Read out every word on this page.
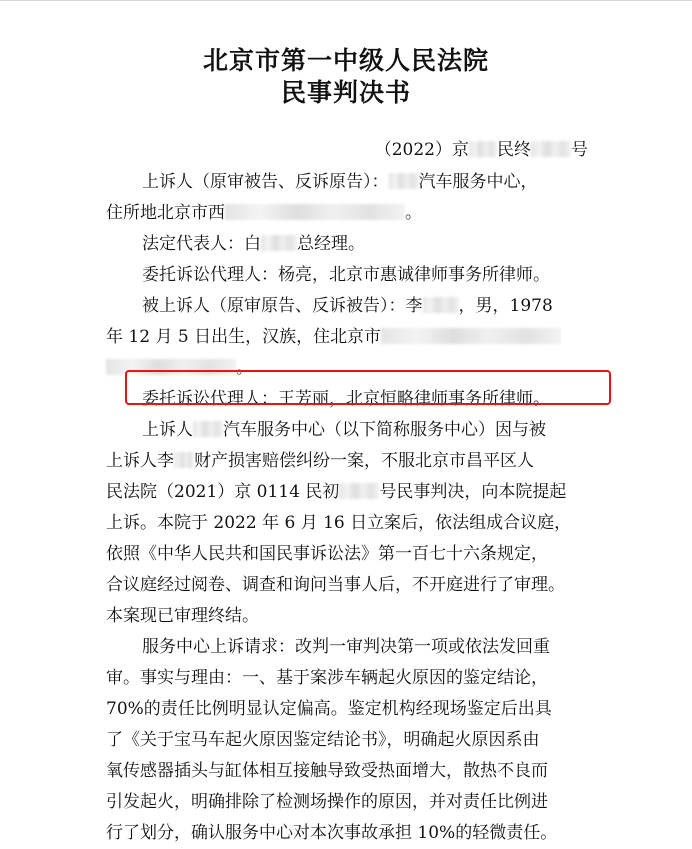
北京市第一中级人民法院
民事判决书
（2022）京 民终 号
上诉人（原审被告、反诉原告）： 汽车服务中心，
住所地北京市西	。
法定代表人：白 总经理。
委托诉讼代理人：杨亮，北京市惠诚律师事务所律师。
被上诉人（原审原告、反诉被告）：李 ，男，1978
年 12 月 5 日出生，汉族，住北京市
。
委托诉讼代理人：王芳丽，北京恒略律师事务所律师。
上诉人 汽车服务中心（以下简称服务中心）因与被
上诉人李 财产损害赔偿纠纷一案，不服北京市昌平区人
民法院（2021）京 0114 民初 号民事判决，向本院提起
上诉。本院于 2022 年 6 月 16 日立案后，依法组成合议庭，
依照《中华人民共和国民事诉讼法》第一百七十六条规定，
合议庭经过阅卷、调查和询问当事人后，不开庭进行了审理。
本案现已审理终结。
服务中心上诉请求：改判一审判决第一项或依法发回重
审。事实与理由：一、基于案涉车辆起火原因的鉴定结论，
70%的责任比例明显认定偏高。鉴定机构经现场鉴定后出具
了《关于宝马车起火原因鉴定结论书》，明确起火原因系由
氧传感器插头与缸体相互接触导致受热面增大，散热不良而
引发起火，明确排除了检测场操作的原因，并对责任比例进
行了划分，确认服务中心对本次事故承担 10%的轻微责任。
